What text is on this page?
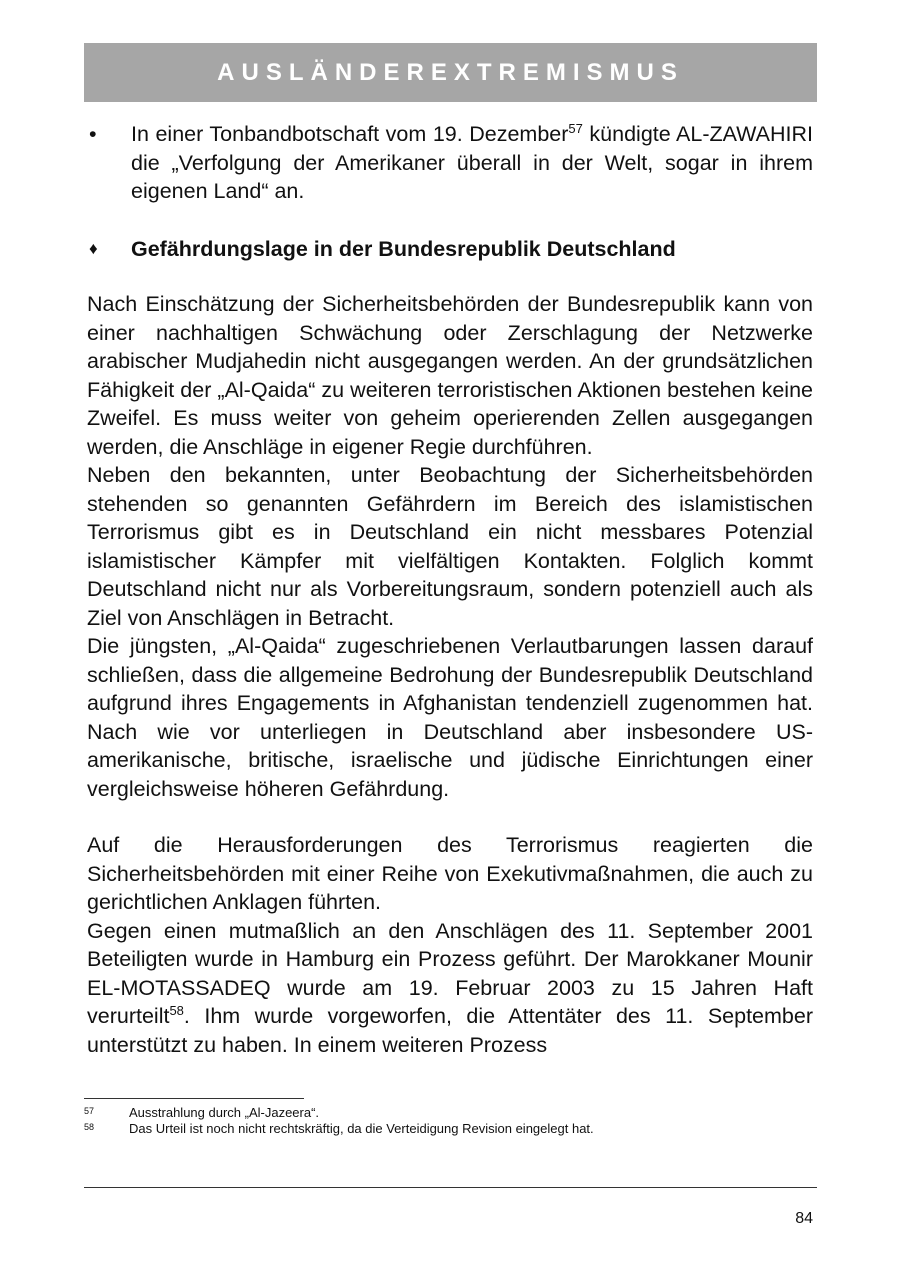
AUSLÄNDEREXTREMISMUS
•	In einer Tonbandbotschaft vom 19. Dezember$^{57}$ kündigte AL-ZAWAHIRI die „Verfolgung der Amerikaner überall in der Welt, sogar in ihrem eigenen Land“ an.
♦	Gefährdungslage in der Bundesrepublik Deutschland

Nach Einschätzung der Sicherheitsbehörden der Bundesrepublik kann von einer nachhaltigen Schwächung oder Zerschlagung der Netzwerke arabischer Mudjahedin nicht ausgegangen werden. An der grundsätzlichen Fähigkeit der „Al-Qaida“ zu weiteren terroristischen Aktionen bestehen keine Zweifel. Es muss weiter von geheim operierenden Zellen ausgegangen werden, die Anschläge in eigener Regie durchführen.

Neben den bekannten, unter Beobachtung der Sicherheitsbehörden stehenden so genannten Gefährdern im Bereich des islamistischen Terrorismus gibt es in Deutschland ein nicht messbares Potenzial islamistischer Kämpfer mit vielfältigen Kontakten. Folglich kommt Deutschland nicht nur als Vorbereitungsraum, sondern potenziell auch als Ziel von Anschlägen in Betracht.

Die jüngsten, „Al-Qaida“ zugeschriebenen Verlautbarungen lassen darauf schließen, dass die allgemeine Bedrohung der Bundesrepublik Deutschland aufgrund ihres Engagements in Afghanistan tendenziell zugenommen hat. Nach wie vor unterliegen in Deutschland aber insbesondere US-amerikanische, britische, israelische und jüdische Einrichtungen einer vergleichsweise höheren Gefährdung.

Auf die Herausforderungen des Terrorismus reagierten die Sicherheitsbehörden mit einer Reihe von Exekutivmaßnahmen, die auch zu gerichtlichen Anklagen führten.

Gegen einen mutmaßlich an den Anschlägen des 11. September 2001 Beteiligten wurde in Hamburg ein Prozess geführt. Der Marokkaner Mounir EL-MOTASSADEQ wurde am 19. Februar 2003 zu 15 Jahren Haft verurteilt$^{58}$. Ihm wurde vorgeworfen, die Attentäter des 11. September unterstützt zu haben. In einem weiteren Prozess

57	Ausstrahlung durch „Al-Jazeera“.
58	Das Urteil ist noch nicht rechtskräftig, da die Verteidigung Revision eingelegt hat.
84
